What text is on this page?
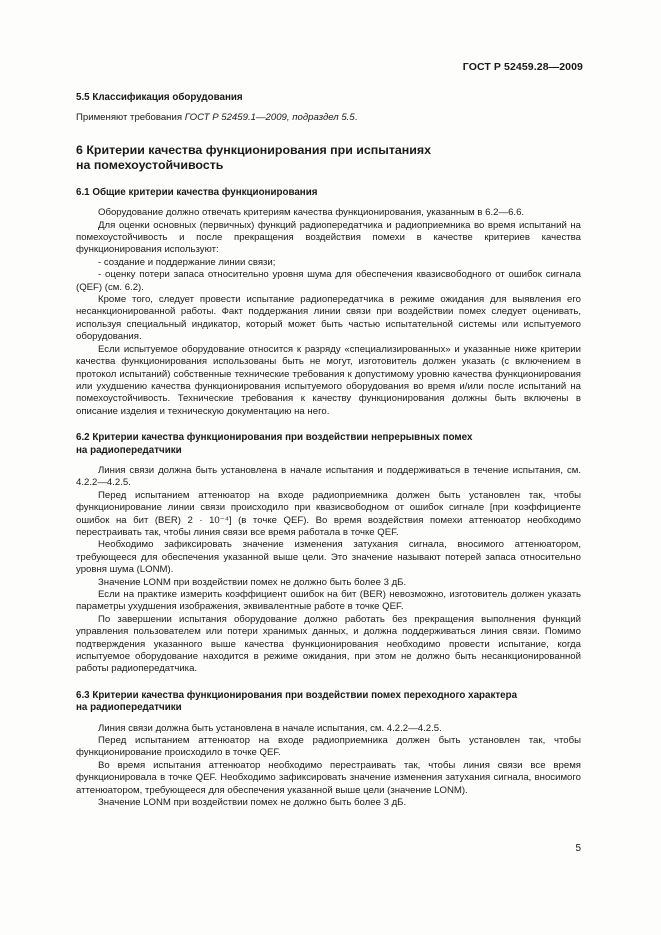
ГОСТ Р 52459.28—2009
5.5 Классификация оборудования

Применяют требования ГОСТ Р 52459.1—2009, подраздел 5.5.

6 Критерии качества функционирования при испытаниях
на помехоустойчивость
6.1 Общие критерии качества функционирования

Оборудование должно отвечать критериям качества функционирования, указанным в 6.2—6.6.

Для оценки основных (первичных) функций радиопередатчика и радиоприемника во время испытаний на помехоустойчивость и после прекращения воздействия помехи в качестве критериев качества функционирования используют:

- создание и поддержание линии связи;

- оценку потери запаса относительно уровня шума для обеспечения квазисвободного от ошибок сигнала (QEF) (см. 6.2).

Кроме того, следует провести испытание радиопередатчика в режиме ожидания для выявления его несанкционированной работы. Факт поддержания линии связи при воздействии помех следует оценивать, используя специальный индикатор, который может быть частью испытательной системы или испытуемого оборудования.

Если испытуемое оборудование относится к разряду «специализированных» и указанные ниже критерии качества функционирования использованы быть не могут, изготовитель должен указать (с включением в протокол испытаний) собственные технические требования к допустимому уровню качества функционирования или ухудшению качества функционирования испытуемого оборудования во время и/или после испытаний на помехоустойчивость. Технические требования к качеству функционирования должны быть включены в описание изделия и техническую документацию на него.

6.2 Критерии качества функционирования при воздействии непрерывных помех
на радиопередатчики

Линия связи должна быть установлена в начале испытания и поддерживаться в течение испытания, см. 4.2.2—4.2.5.

Перед испытанием аттенюатор на входе радиоприемника должен быть установлен так, чтобы функционирование линии связи происходило при квазисвободном от ошибок сигнале [при коэффициенте ошибок на бит (BER) 2 · 10⁻⁴] (в точке QEF). Во время воздействия помехи аттенюатор необходимо перестраивать так, чтобы линия связи все время работала в точке QEF.

Необходимо зафиксировать значение изменения затухания сигнала, вносимого аттенюатором, требующееся для обеспечения указанной выше цели. Это значение называют потерей запаса относительно уровня шума (LONM).

Значение LONM при воздействии помех не должно быть более 3 дБ.

Если на практике измерить коэффициент ошибок на бит (BER) невозможно, изготовитель должен указать параметры ухудшения изображения, эквивалентные работе в точке QEF.

По завершении испытания оборудование должно работать без прекращения выполнения функций управления пользователем или потери хранимых данных, и должна поддерживаться линия связи. Помимо подтверждения указанного выше качества функционирования необходимо провести испытание, когда испытуемое оборудование находится в режиме ожидания, при этом не должно быть несанкционированной работы радиопередатчика.

6.3 Критерии качества функционирования при воздействии помех переходного характера
на радиопередатчики

Линия связи должна быть установлена в начале испытания, см. 4.2.2—4.2.5.

Перед испытанием аттенюатор на входе радиоприемника должен быть установлен так, чтобы функционирование происходило в точке QEF.

Во время испытания аттенюатор необходимо перестраивать так, чтобы линия связи все время функционировала в точке QEF. Необходимо зафиксировать значение изменения затухания сигнала, вносимого аттенюатором, требующееся для обеспечения указанной выше цели (значение LONM).

Значение LONM при воздействии помех не должно быть более 3 дБ.

5
